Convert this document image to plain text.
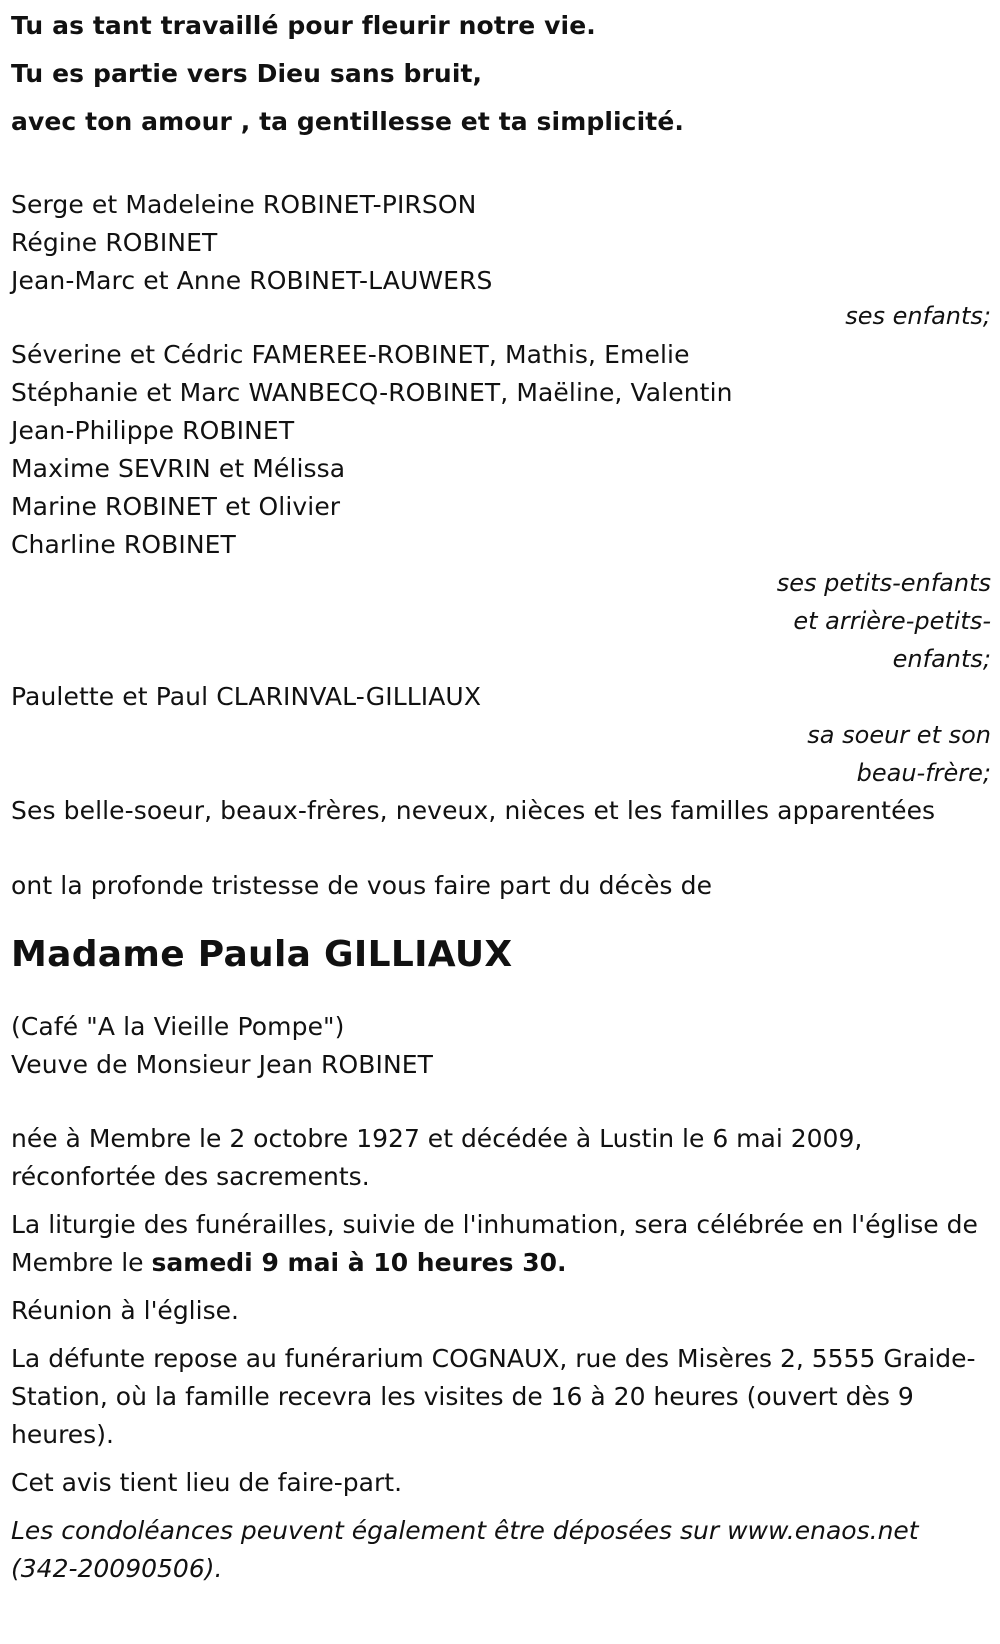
Tu as tant travaillé pour fleurir notre vie.
Tu es partie vers Dieu sans bruit,
avec ton amour , ta gentillesse et ta simplicité.
Serge et Madeleine ROBINET-PIRSON
Régine ROBINET
Jean-Marc et Anne ROBINET-LAUWERS
ses enfants;
Séverine et Cédric FAMEREE-ROBINET, Mathis, Emelie
Stéphanie et Marc WANBECQ-ROBINET, Maëline, Valentin
Jean-Philippe ROBINET
Maxime SEVRIN et Mélissa
Marine ROBINET et Olivier
Charline ROBINET
ses petits-enfants
et arrière-petits-
enfants;
Paulette et Paul CLARINVAL-GILLIAUX
sa soeur et son
beau-frère;
Ses belle-soeur, beaux-frères, neveux, nièces et les familles apparentées
ont la profonde tristesse de vous faire part du décès de
Madame Paula GILLIAUX
(Café "A la Vieille Pompe")
Veuve de Monsieur Jean ROBINET
née à Membre le 2 octobre 1927 et décédée à Lustin le 6 mai 2009, réconfortée des sacrements.
La liturgie des funérailles, suivie de l'inhumation, sera célébrée en l'église de Membre le samedi 9 mai à 10 heures 30.
Réunion à l'église.
La défunte repose au funérarium COGNAUX, rue des Misères 2, 5555 Graide-Station, où la famille recevra les visites de 16 à 20 heures (ouvert dès 9 heures).
Cet avis tient lieu de faire-part.
Les condoléances peuvent également être déposées sur www.enaos.net (342-20090506).
